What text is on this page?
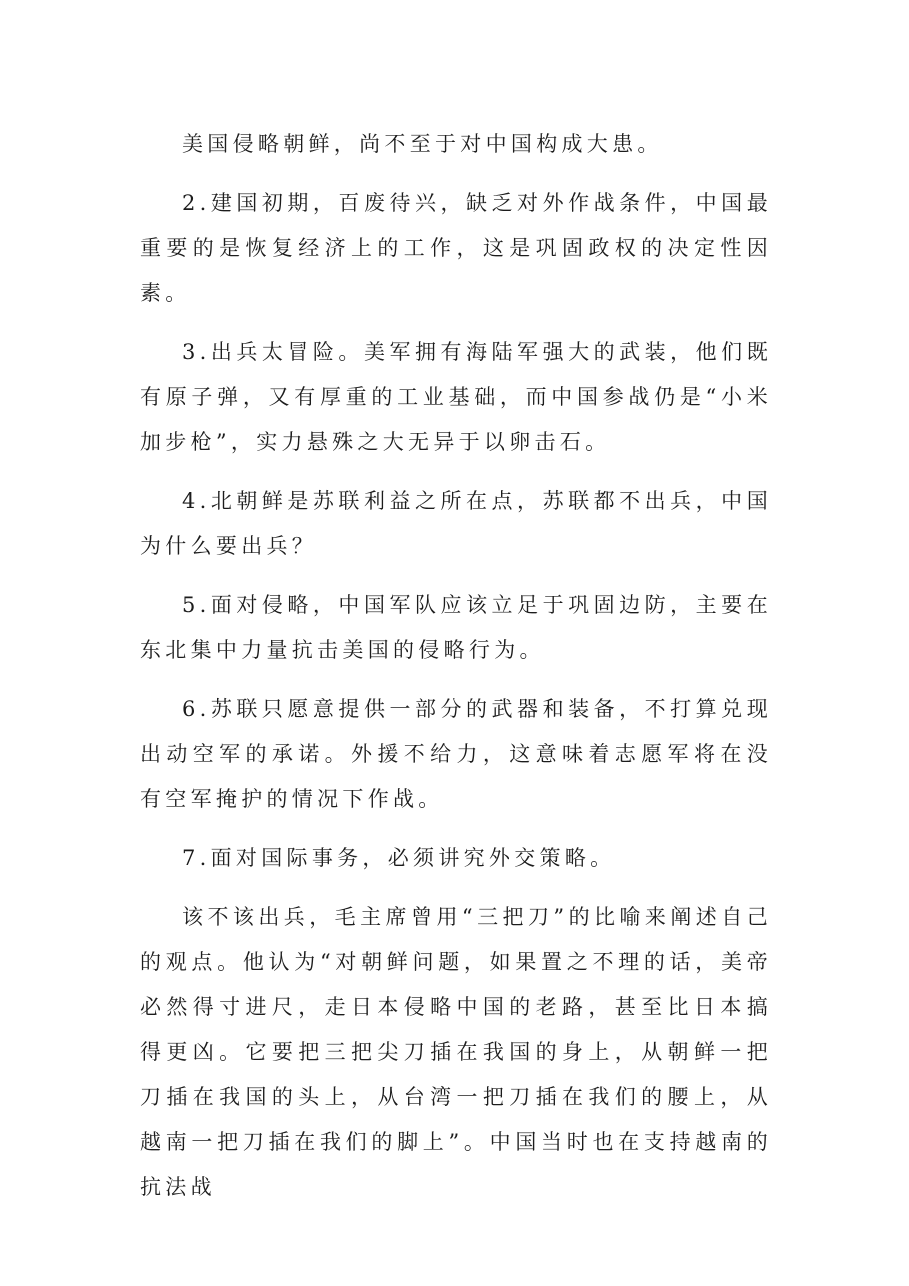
美国侵略朝鲜，尚不至于对中国构成大患。

2.建国初期，百废待兴，缺乏对外作战条件，中国最重要的是恢复经济上的工作，这是巩固政权的决定性因素。

3.出兵太冒险。美军拥有海陆军强大的武装，他们既有原子弹，又有厚重的工业基础，而中国参战仍是“小米加步枪”，实力悬殊之大无异于以卵击石。

4.北朝鲜是苏联利益之所在点，苏联都不出兵，中国为什么要出兵？

5.面对侵略，中国军队应该立足于巩固边防，主要在东北集中力量抗击美国的侵略行为。

6.苏联只愿意提供一部分的武器和装备，不打算兑现出动空军的承诺。外援不给力，这意味着志愿军将在没有空军掩护的情况下作战。

7.面对国际事务，必须讲究外交策略。

该不该出兵，毛主席曾用“三把刀”的比喻来阐述自己的观点。他认为“对朝鲜问题，如果置之不理的话，美帝必然得寸进尺，走日本侵略中国的老路，甚至比日本搞得更凶。它要把三把尖刀插在我国的身上，从朝鲜一把刀插在我国的头上，从台湾一把刀插在我们的腰上，从越南一把刀插在我们的脚上”。中国当时也在支持越南的抗法战
